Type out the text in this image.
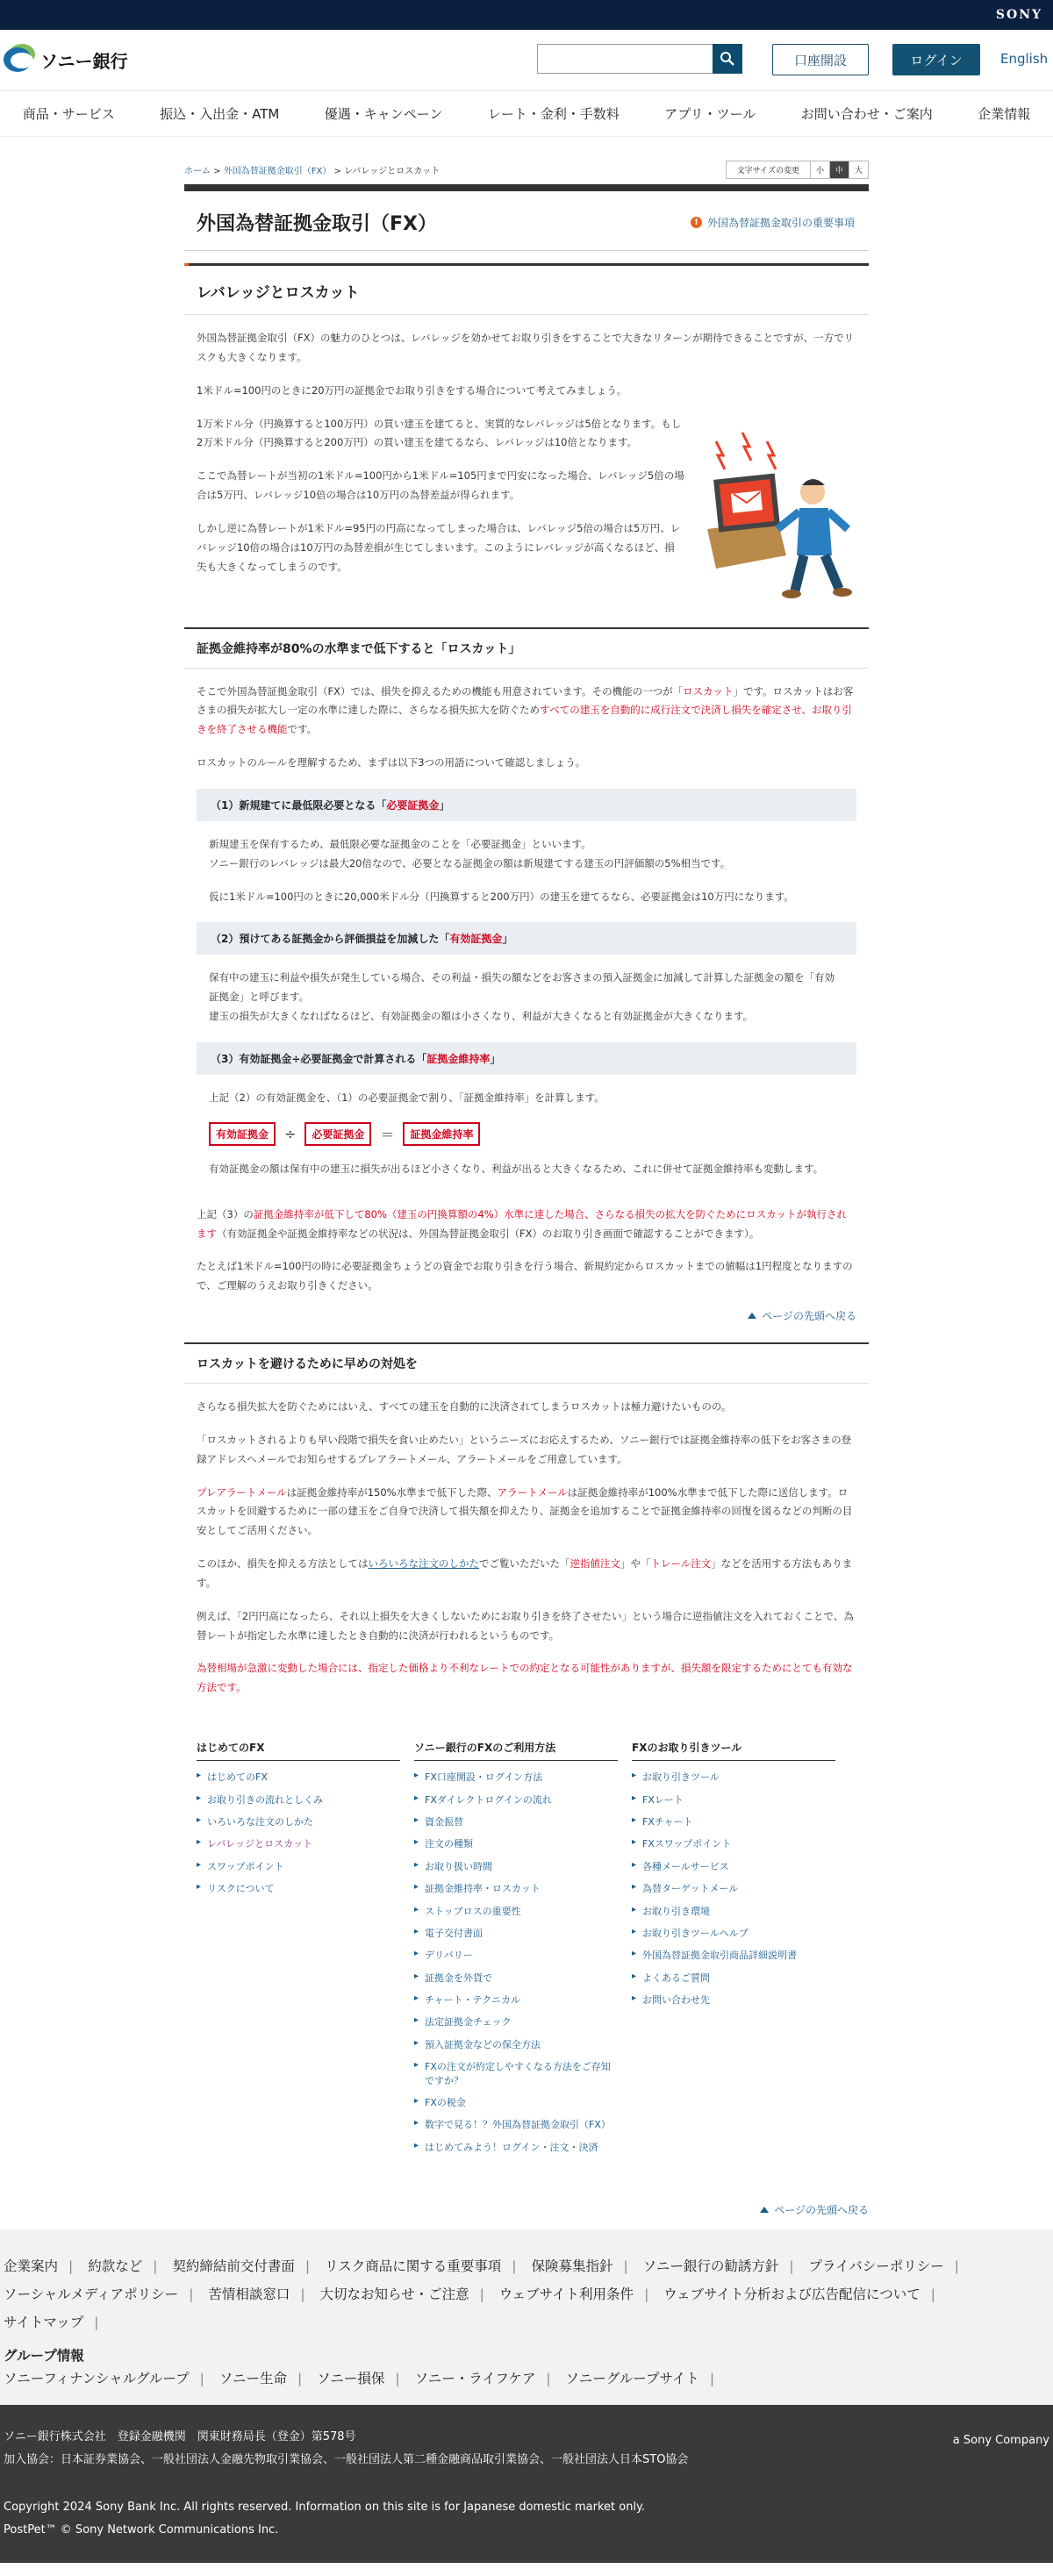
SONY
ソニー銀行	口座開設	ログイン	English
商品・サービス	振込・入出金・ATM	優遇・キャンペーン	レート・金利・手数料	アプリ・ツール	お問い合わせ・ご案内	企業情報
ホーム > 外国為替証拠金取引（FX） > レバレッジとロスカット	文字サイズの変更	小	中	大
外国為替証拠金取引（FX）	! 外国為替証拠金取引の重要事項
レバレッジとロスカット

外国為替証拠金取引（FX）の魅力のひとつは、レバレッジを効かせてお取り引きをすることで大きなリターンが期待できることですが、一方でリスクも大きくなります。

1米ドル=100円のときに20万円の証拠金でお取り引きをする場合について考えてみましょう。

1万米ドル分（円換算すると100万円）の買い建玉を建てると、実質的なレバレッジは5倍となります。もし2万米ドル分（円換算すると200万円）の買い建玉を建てるなら、レバレッジは10倍となります。

ここで為替レートが当初の1米ドル=100円から1米ドル=105円まで円安になった場合、レバレッジ5倍の場合は5万円、レバレッジ10倍の場合は10万円の為替差益が得られます。

しかし逆に為替レートが1米ドル=95円の円高になってしまった場合は、レバレッジ5倍の場合は5万円、レバレッジ10倍の場合は10万円の為替差損が生じてしまいます。このようにレバレッジが高くなるほど、損失も大きくなってしまうのです。

証拠金維持率が80%の水準まで低下すると「ロスカット」

そこで外国為替証拠金取引（FX）では、損失を抑えるための機能も用意されています。その機能の一つが「ロスカット」です。ロスカットはお客さまの損失が拡大し一定の水準に達した際に、さらなる損失拡大を防ぐためすべての建玉を自動的に成行注文で決済し損失を確定させ、お取り引きを終了させる機能です。

ロスカットのルールを理解するため、まずは以下3つの用語について確認しましょう。

（1）新規建てに最低限必要となる「必要証拠金」

新規建玉を保有するため、最低限必要な証拠金のことを「必要証拠金」といいます。
ソニー銀行のレバレッジは最大20倍なので、必要となる証拠金の額は新規建てする建玉の円評価額の5%相当です。

仮に1米ドル=100円のときに20,000米ドル分（円換算すると200万円）の建玉を建てるなら、必要証拠金は10万円になります。

（2）預けてある証拠金から評価損益を加減した「有効証拠金」

保有中の建玉に利益や損失が発生している場合、その利益・損失の額などをお客さまの預入証拠金に加減して計算した証拠金の額を「有効証拠金」と呼びます。
建玉の損失が大きくなればなるほど、有効証拠金の額は小さくなり、利益が大きくなると有効証拠金が大きくなります。

（3）有効証拠金÷必要証拠金で計算される「証拠金維持率」

上記（2）の有効証拠金を、（1）の必要証拠金で割り、「証拠金維持率」を計算します。

有効証拠金	÷	必要証拠金	＝	証拠金維持率

有効証拠金の額は保有中の建玉に損失が出るほど小さくなり、利益が出ると大きくなるため、これに併せて証拠金維持率も変動します。

上記（3）の証拠金維持率が低下して80%（建玉の円換算額の4%）水準に達した場合、さらなる損失の拡大を防ぐためにロスカットが執行されます（有効証拠金や証拠金維持率などの状況は、外国為替証拠金取引（FX）のお取り引き画面で確認することができます）。

たとえば1米ドル=100円の時に必要証拠金ちょうどの資金でお取り引きを行う場合、新規約定からロスカットまでの値幅は1円程度となりますので、ご理解のうえお取り引きください。

ページの先頭へ戻る
ロスカットを避けるために早めの対処を

さらなる損失拡大を防ぐためにはいえ、すべての建玉を自動的に決済されてしまうロスカットは極力避けたいものの。

「ロスカットされるよりも早い段階で損失を食い止めたい」というニーズにお応えするため、ソニー銀行では証拠金維持率の低下をお客さまの登録アドレスへメールでお知らせするプレアラートメール、アラートメールをご用意しています。

プレアラートメールは証拠金維持率が150%水準まで低下した際、アラートメールは証拠金維持率が100%水準まで低下した際に送信します。ロスカットを回避するために一部の建玉をご自身で決済して損失額を抑えたり、証拠金を追加することで証拠金維持率の回復を図るなどの判断の目安としてご活用ください。

このほか、損失を抑える方法としてはいろいろな注文のしかたでご覧いただいた「逆指値注文」や「トレール注文」などを活用する方法もあります。

例えば、「2円円高になったら、それ以上損失を大きくしないためにお取り引きを終了させたい」という場合に逆指値注文を入れておくことで、為替レートが指定した水準に達したとき自動的に決済が行われるというものです。

為替相場が急激に変動した場合には、指定した価格より不利なレートでの約定となる可能性がありますが、損失額を限定するためにとても有効な方法です。

はじめてのFX
▸ はじめてのFX
▸ お取り引きの流れとしくみ
▸ いろいろな注文のしかた
▸ レバレッジとロスカット
▸ スワップポイント
▸ リスクについて
ソニー銀行のFXのご利用方法
▸ FX口座開設・ログイン方法
▸ FXダイレクトログインの流れ
▸ 資金振替
▸ 注文の種類
▸ お取り扱い時間
▸ 証拠金維持率・ロスカット
▸ ストップロスの重要性
▸ 電子交付書面
▸ デリバリー
▸ 証拠金を外貨で
▸ チャート・テクニカル
▸ 法定証拠金チェック
▸ 預入証拠金などの保全方法
▸ FXの注文が約定しやすくなる方法をご存知ですか？
▸ FXの税金
▸ 数字で見る！？外国為替証拠金取引（FX）
▸ はじめてみよう！ログイン・注文・決済
FXのお取り引きツール
▸ お取り引きツール
▸ FXレート
▸ FXチャート
▸ FXスワップポイント
▸ 各種メールサービス
▸ 為替ターゲットメール
▸ お取り引き環境
▸ お取り引きツールヘルプ
▸ 外国為替証拠金取引商品詳細説明書
▸ よくあるご質問
▸ お問い合わせ先
ページの先頭へ戻る
企業案内 | 約款など | 契約締結前交付書面 | リスク商品に関する重要事項 | 保険募集指針 | ソニー銀行の勧誘方針 | プライバシーポリシー |
ソーシャルメディアポリシー | 苦情相談窓口 | 大切なお知らせ・ご注意 | ウェブサイト利用条件 | ウェブサイト分析および広告配信について |
サイトマップ |
グループ情報
ソニーフィナンシャルグループ | ソニー生命 | ソニー損保 | ソニー・ライフケア | ソニーグループサイト |
ソニー銀行株式会社　登録金融機関　関東財務局長（登金）第578号
加入協会：日本証券業協会、一般社団法人金融先物取引業協会、一般社団法人第二種金融商品取引業協会、一般社団法人日本STO協会
a Sony Company
Copyright 2024 Sony Bank Inc. All rights reserved. Information on this site is for Japanese domestic market only.
PostPet™ © Sony Network Communications Inc.
